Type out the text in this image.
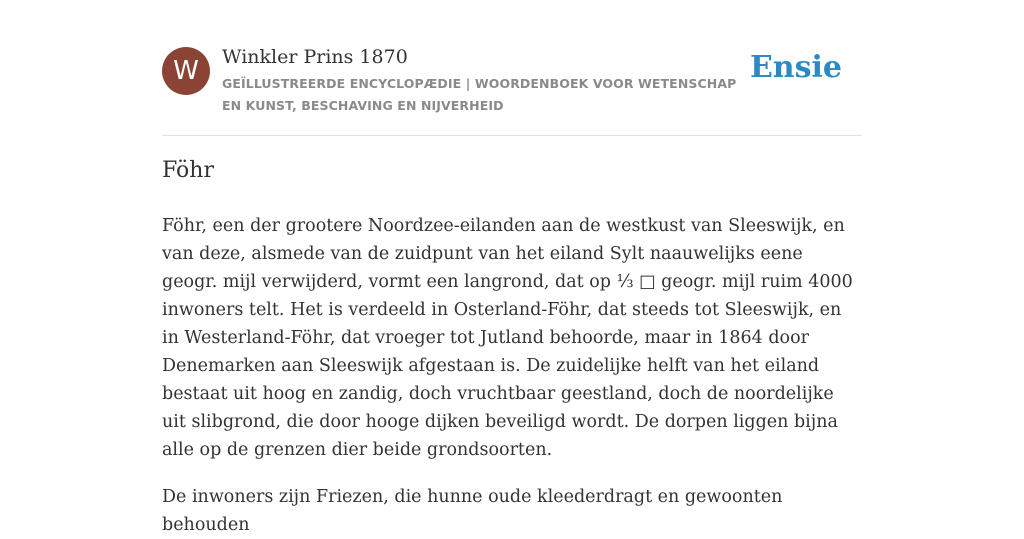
W	Winkler Prins 1870
GEÏLLUSTREERDE ENCYCLOPÆDIE | WOORDENBOEK VOOR WETENSCHAP EN KUNST, BESCHAVING EN NIJVERHEID
Ensie
Föhr

Föhr, een der grootere Noordzee-eilanden aan de westkust van Sleeswijk, en van deze, alsmede van de zuidpunt van het eiland Sylt naauwelijks eene geogr. mijl verwijderd, vormt een langrond, dat op ⅓ □ geogr. mijl ruim 4000 inwoners telt. Het is verdeeld in Osterland-Föhr, dat steeds tot Sleeswijk, en in Westerland-Föhr, dat vroeger tot Jutland behoorde, maar in 1864 door Denemarken aan Sleeswijk afgestaan is. De zuidelijke helft van het eiland bestaat uit hoog en zandig, doch vruchtbaar geestland, doch de noordelijke uit slibgrond, die door hooge dijken beveiligd wordt. De dorpen liggen bijna alle op de grenzen dier beide grondsoorten.

De inwoners zijn Friezen, die hunne oude kleederdragt en gewoonten behouden
